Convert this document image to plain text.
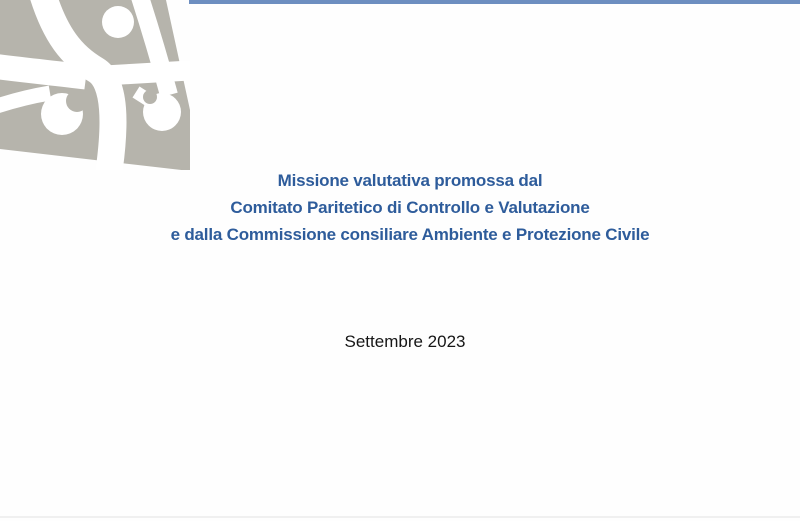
Missione valutativa promossa dal
Comitato Paritetico di Controllo e Valutazione
e dalla Commissione consiliare Ambiente e Protezione Civile
Settembre 2023
